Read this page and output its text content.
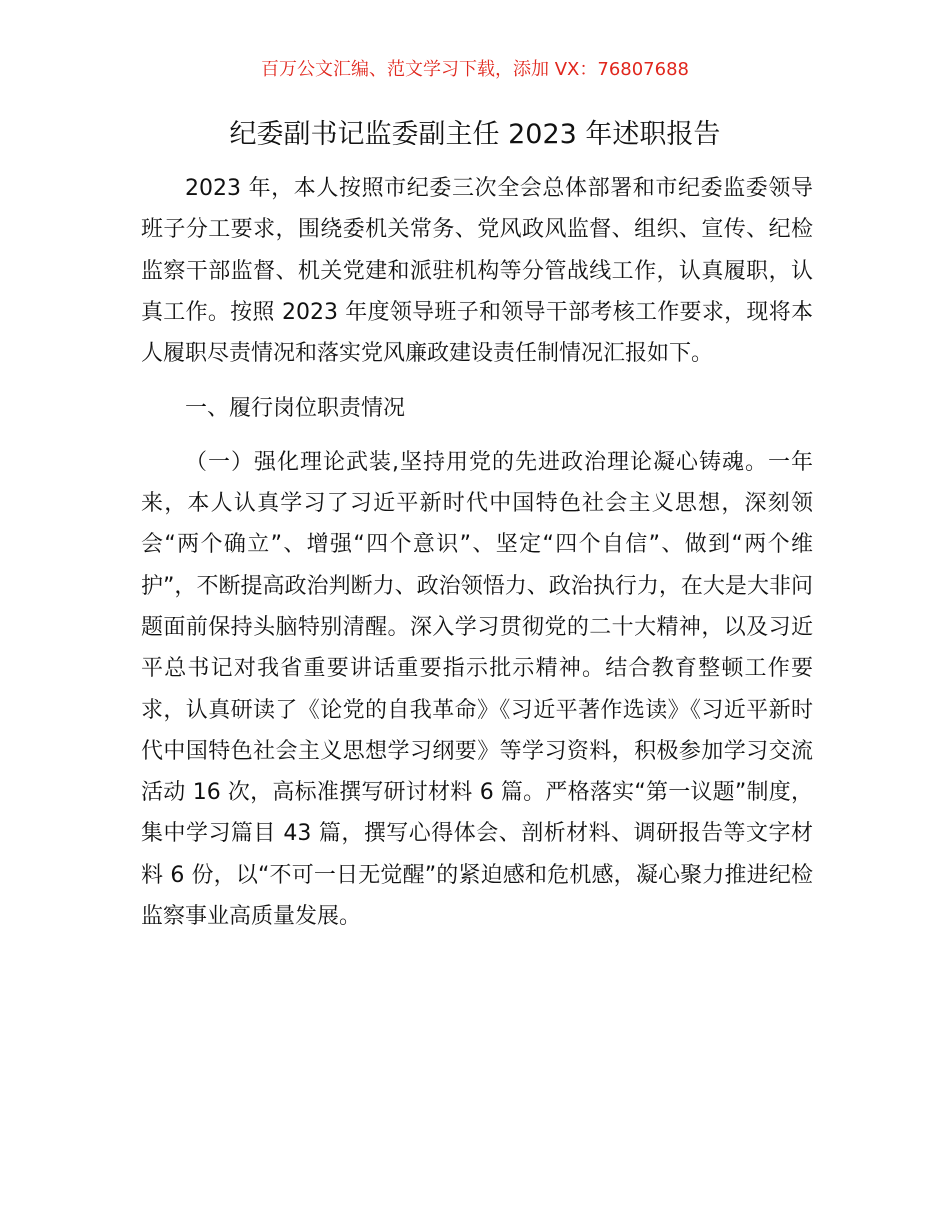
百万公文汇编、范文学习下载，添加 VX：76807688
纪委副书记监委副主任 2023 年述职报告

2023 年，本人按照市纪委三次全会总体部署和市纪委监委领导班子分工要求，围绕委机关常务、党风政风监督、组织、宣传、纪检监察干部监督、机关党建和派驻机构等分管战线工作，认真履职，认真工作。按照 2023 年度领导班子和领导干部考核工作要求，现将本人履职尽责情况和落实党风廉政建设责任制情况汇报如下。

一、履行岗位职责情况

（一）强化理论武装,坚持用党的先进政治理论凝心铸魂。一年来，本人认真学习了习近平新时代中国特色社会主义思想，深刻领会“两个确立”、增强“四个意识”、坚定“四个自信”、做到“两个维护”，不断提高政治判断力、政治领悟力、政治执行力，在大是大非问题面前保持头脑特别清醒。深入学习贯彻党的二十大精神，以及习近平总书记对我省重要讲话重要指示批示精神。结合教育整顿工作要求，认真研读了《论党的自我革命》《习近平著作选读》《习近平新时代中国特色社会主义思想学习纲要》等学习资料，积极参加学习交流活动 16 次，高标准撰写研讨材料 6 篇。严格落实“第一议题”制度，集中学习篇目 43 篇，撰写心得体会、剖析材料、调研报告等文字材料 6 份，以“不可一日无觉醒”的紧迫感和危机感，凝心聚力推进纪检监察事业高质量发展。
